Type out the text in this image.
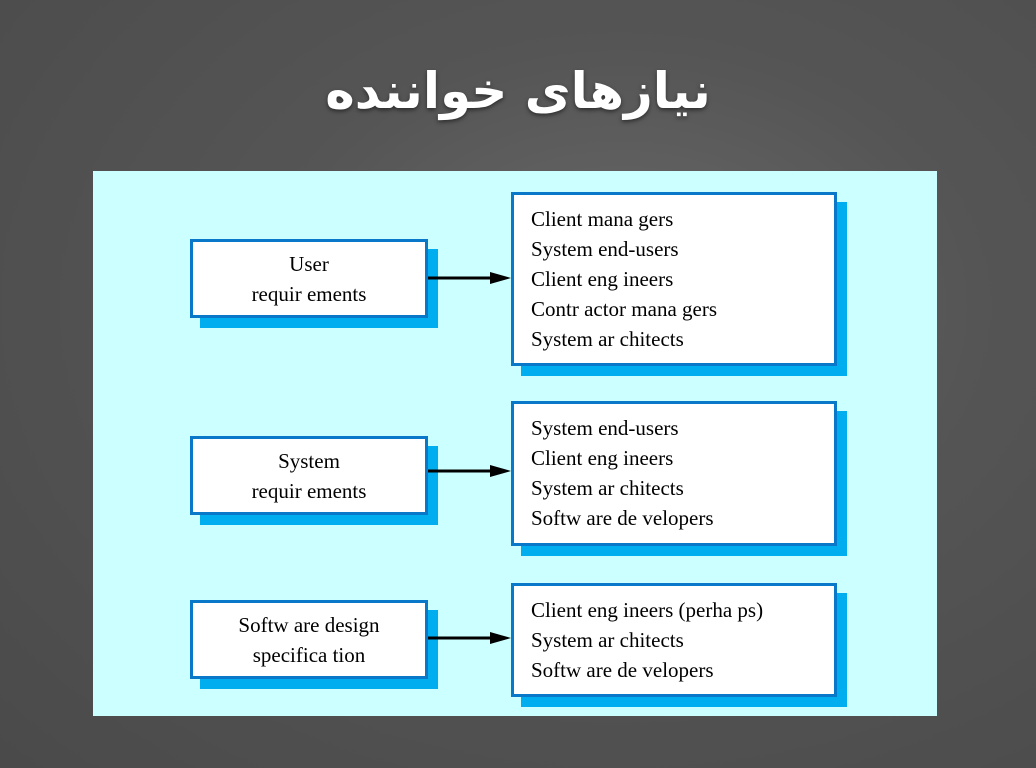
نیازهای خواننده
User
requir ements
Client mana gers
System end-users
Client eng ineers
Contr actor mana gers
System ar chitects
System
requir ements
System end-users
Client eng ineers
System ar chitects
Softw are de velopers
Softw are design
specifica tion
Client eng ineers (perha ps)
System ar chitects
Softw are de velopers
